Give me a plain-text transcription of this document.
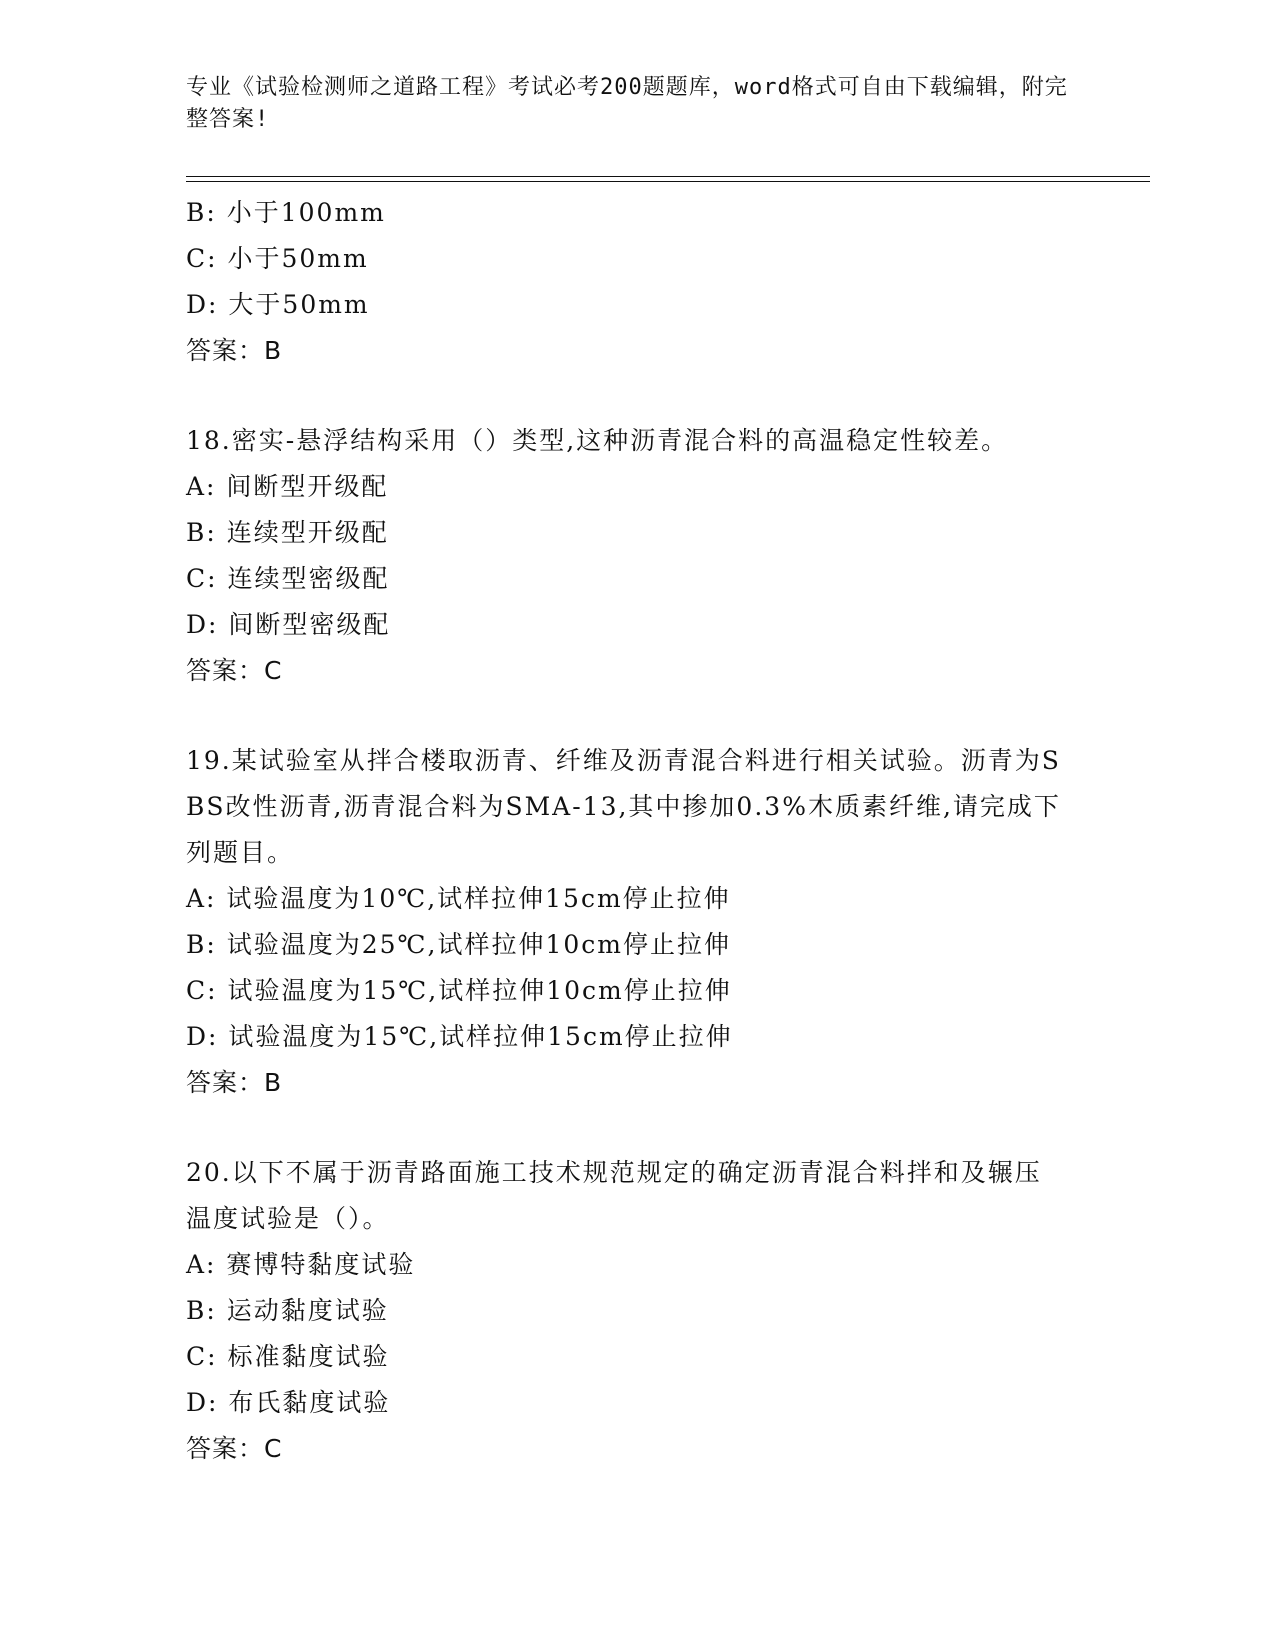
专业《试验检测师之道路工程》考试必考200题题库，word格式可自由下载编辑，附完整答案!
B: 小于100mm
C: 小于50mm
D: 大于50mm
答案：B
18.密实-悬浮结构采用（）类型,这种沥青混合料的高温稳定性较差。
A: 间断型开级配
B: 连续型开级配
C: 连续型密级配
D: 间断型密级配
答案：C
19.某试验室从拌合楼取沥青、纤维及沥青混合料进行相关试验。沥青为SBS改性沥青,沥青混合料为SMA-13,其中掺加0.3%木质素纤维,请完成下列题目。
A: 试验温度为10℃,试样拉伸15cm停止拉伸
B: 试验温度为25℃,试样拉伸10cm停止拉伸
C: 试验温度为15℃,试样拉伸10cm停止拉伸
D: 试验温度为15℃,试样拉伸15cm停止拉伸
答案：B
20.以下不属于沥青路面施工技术规范规定的确定沥青混合料拌和及辗压温度试验是（）。
A: 赛博特黏度试验
B: 运动黏度试验
C: 标准黏度试验
D: 布氏黏度试验
答案：C
